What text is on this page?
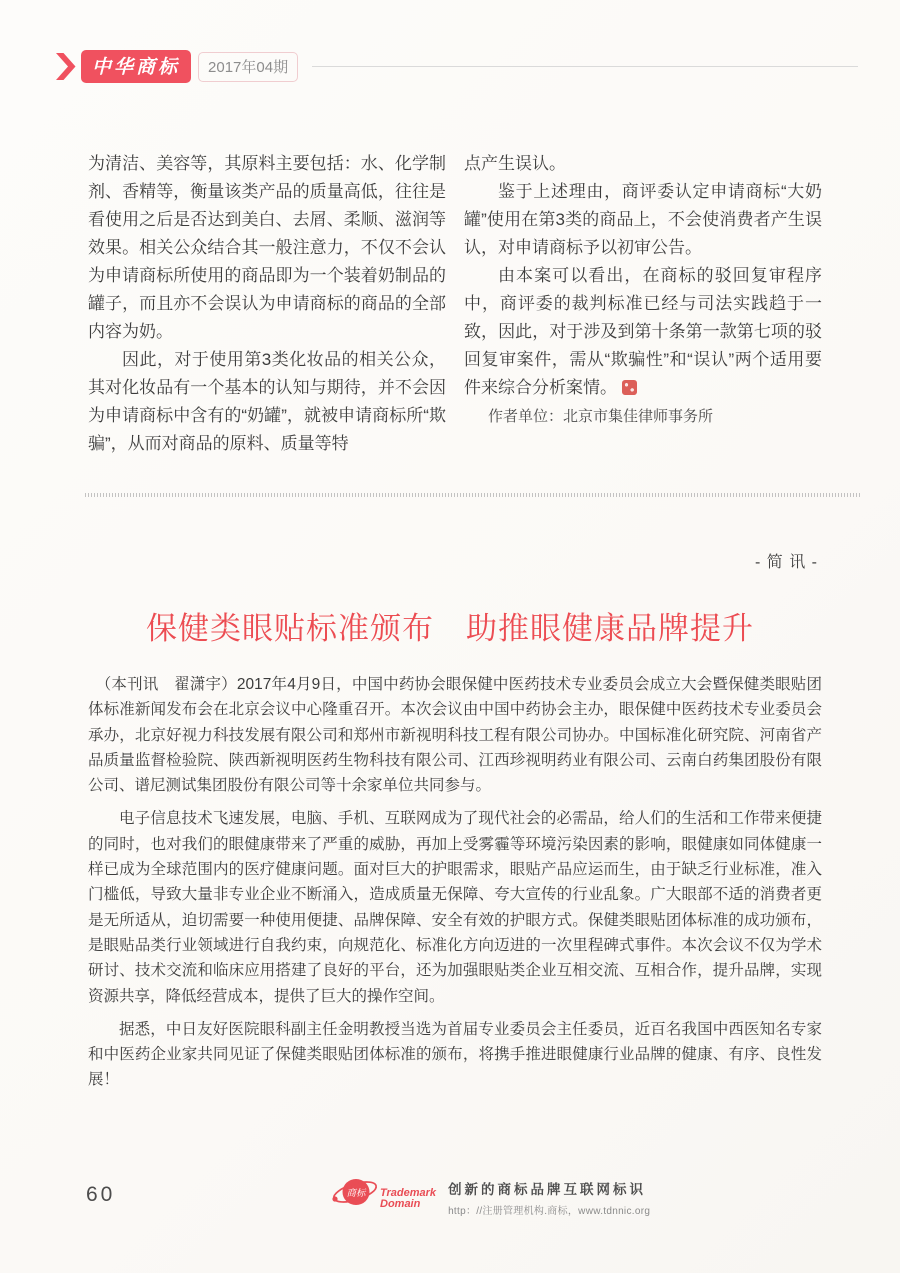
中华商标	2017年04期

为清洁、美容等，其原料主要包括：水、化学制剂、香精等，衡量该类产品的质量高低，往往是看使用之后是否达到美白、去屑、柔顺、滋润等效果。相关公众结合其一般注意力，不仅不会认为申请商标所使用的商品即为一个装着奶制品的罐子，而且亦不会误认为申请商标的商品的全部内容为奶。

因此，对于使用第3类化妆品的相关公众，其对化妆品有一个基本的认知与期待，并不会因为申请商标中含有的“奶罐”，就被申请商标所“欺骗”，从而对商品的原料、质量等特

点产生误认。

鉴于上述理由，商评委认定申请商标“大奶罐”使用在第3类的商品上，不会使消费者产生误认，对申请商标予以初审公告。

由本案可以看出，在商标的驳回复审程序中，商评委的裁判标准已经与司法实践趋于一致，因此，对于涉及到第十条第一款第七项的驳回复审案件，需从“欺骗性”和“误认”两个适用要件来综合分析案情。

作者单位：北京市集佳律师事务所

- 简 讯 -
保健类眼贴标准颁布　助推眼健康品牌提升

（本刊讯　翟潇宇）2017年4月9日，中国中药协会眼保健中医药技术专业委员会成立大会暨保健类眼贴团体标准新闻发布会在北京会议中心隆重召开。本次会议由中国中药协会主办，眼保健中医药技术专业委员会承办，北京好视力科技发展有限公司和郑州市新视明科技工程有限公司协办。中国标准化研究院、河南省产品质量监督检验院、陕西新视明医药生物科技有限公司、江西珍视明药业有限公司、云南白药集团股份有限公司、谱尼测试集团股份有限公司等十余家单位共同参与。

电子信息技术飞速发展，电脑、手机、互联网成为了现代社会的必需品，给人们的生活和工作带来便捷的同时，也对我们的眼健康带来了严重的威胁，再加上受雾霾等环境污染因素的影响，眼健康如同体健康一样已成为全球范围内的医疗健康问题。面对巨大的护眼需求，眼贴产品应运而生，由于缺乏行业标准，准入门槛低，导致大量非专业企业不断涌入，造成质量无保障、夸大宣传的行业乱象。广大眼部不适的消费者更是无所适从，迫切需要一种使用便捷、品牌保障、安全有效的护眼方式。保健类眼贴团体标准的成功颁布，是眼贴品类行业领域进行自我约束，向规范化、标准化方向迈进的一次里程碑式事件。本次会议不仅为学术研讨、技术交流和临床应用搭建了良好的平台，还为加强眼贴类企业互相交流、互相合作，提升品牌，实现资源共享，降低经营成本，提供了巨大的操作空间。

据悉，中日友好医院眼科副主任金明教授当选为首届专业委员会主任委员，近百名我国中西医知名专家和中医药企业家共同见证了保健类眼贴团体标准的颁布，将携手推进眼健康行业品牌的健康、有序、良性发展！

60	商标 Trademark
Domain
创新的商标品牌互联网标识
http：//注册管理机构.商标，www.tdnnic.org
